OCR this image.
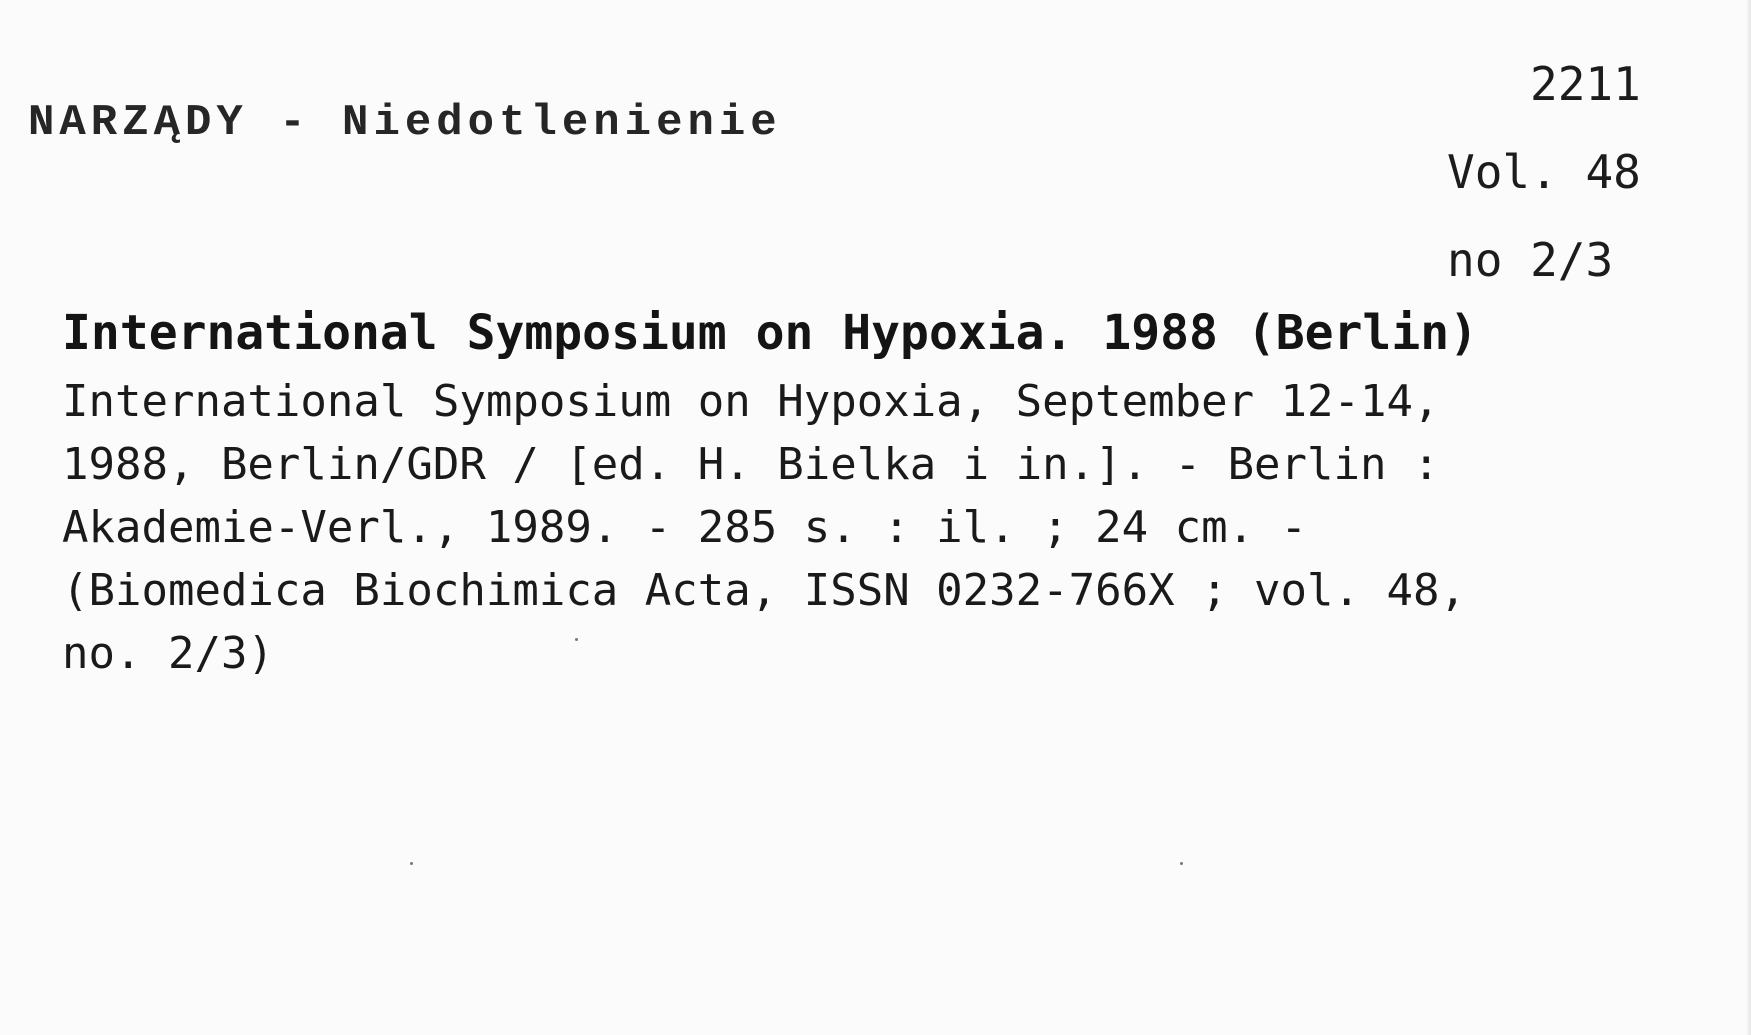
NARZĄDY - Niedotlenienie
2211
Vol. 48
no 2/3
International Symposium on Hypoxia. 1988 (Berlin)
International Symposium on Hypoxia, September 12-14,
1988, Berlin/GDR / [ed. H. Bielka i in.]. - Berlin :
Akademie-Verl., 1989. - 285 s. : il. ; 24 cm. -
(Biomedica Biochimica Acta, ISSN 0232-766X ; vol. 48,
no. 2/3)
